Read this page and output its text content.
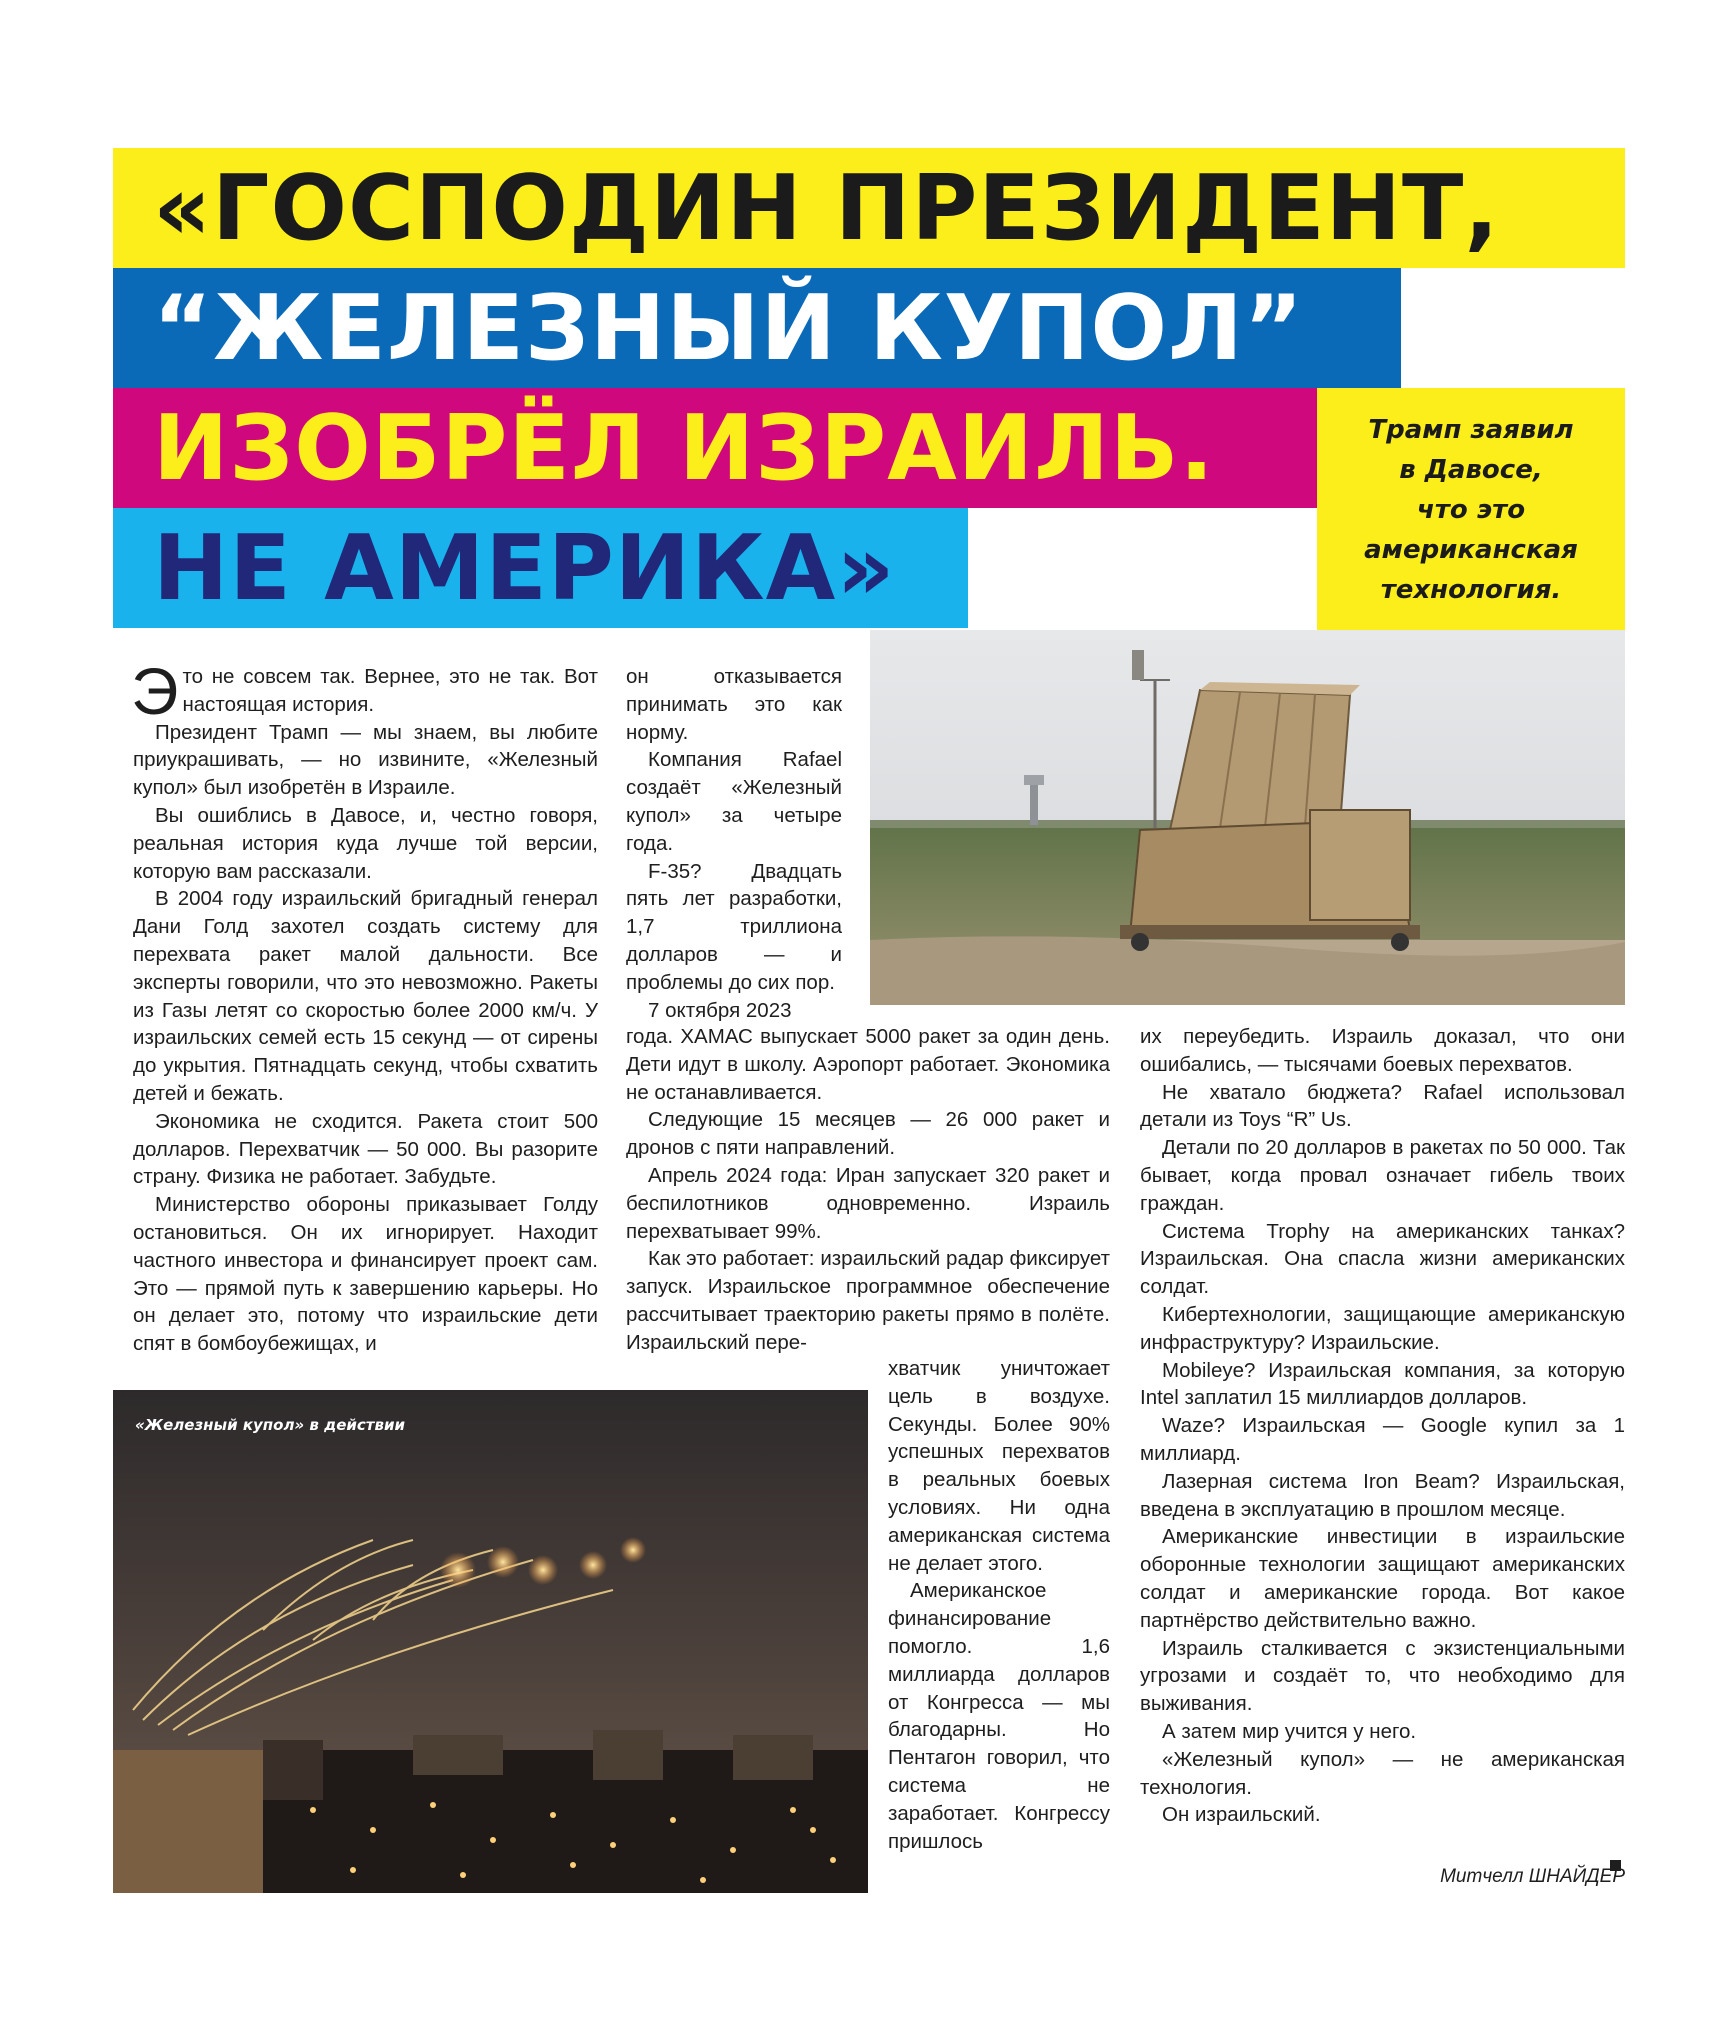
«ГОСПОДИН ПРЕЗИДЕНТ,
“ЖЕЛЕЗНЫЙ КУПОЛ”
ИЗОБРЁЛ ИЗРАИЛЬ.
НЕ АМЕРИКА»

Трамп заявил
в Давосе,
что это
американская
технология.

«Железный купол» в действии

Это не совсем так. Вернее, это не так. Вот настоящая история.

Президент Трамп — мы знаем, вы любите приукрашивать, — но извините, «Железный купол» был изобретён в Израиле.

Вы ошиблись в Давосе, и, честно говоря, реальная история куда лучше той версии, которую вам рассказали.

В 2004 году израильский бригадный генерал Дани Голд захотел создать систему для перехвата ракет малой дальности. Все эксперты говорили, что это невозможно. Ракеты из Газы летят со скоростью более 2000 км/ч. У израильских семей есть 15 секунд — от сирены до укрытия. Пятнадцать секунд, чтобы схватить детей и бежать.

Экономика не сходится. Ракета стоит 500 долларов. Перехватчик — 50 000. Вы разорите страну. Физика не работает. Забудьте.

Министерство обороны приказывает Голду остановиться. Он их игнорирует. Находит частного инвестора и финансирует проект сам. Это — прямой путь к завершению карьеры. Но он делает это, потому что израильские дети спят в бомбоубежищах, и

он отказывается принимать это как норму.

Компания Rafael создаёт «Железный купол» за четыре года.

F-35? Двадцать пять лет разработки, 1,7 триллиона долларов — и проблемы до сих пор.

7 октября 2023

года. ХАМАС выпускает 5000 ракет за один день. Дети идут в школу. Аэропорт работает. Экономика не останавливается.

Следующие 15 месяцев — 26 000 ракет и дронов с пяти направлений.

Апрель 2024 года: Иран запускает 320 ракет и беспилотников одновременно. Израиль перехватывает 99%.

Как это работает: израильский радар фиксирует запуск. Израильское программное обеспечение рассчитывает траекторию ракеты прямо в полёте. Израильский пере-

хватчик уничтожает цель в воздухе. Секунды. Более 90% успешных перехватов в реальных боевых условиях. Ни одна американская система не делает этого.

Американское финансирование помогло. 1,6 миллиарда долларов от Конгресса — мы благодарны. Но Пентагон говорил, что система не заработает. Конгрессу пришлось

их переубедить. Израиль доказал, что они ошибались, — тысячами боевых перехватов.

Не хватало бюджета? Rafael использовал детали из Toys “R” Us.

Детали по 20 долларов в ракетах по 50 000. Так бывает, когда провал означает гибель твоих граждан.

Система Trophy на американских танках? Израильская. Она спасла жизни американских солдат.

Кибертехнологии, защищающие американскую инфраструктуру? Израильские.

Mobileye? Израильская компания, за которую Intel заплатил 15 миллиардов долларов.

Waze? Израильская — Google купил за 1 миллиард.

Лазерная система Iron Beam? Израильская, введена в эксплуатацию в прошлом месяце.

Американские инвестиции в израильские оборонные технологии защищают американских солдат и американские города. Вот какое партнёрство действительно важно.

Израиль сталкивается с экзистенциальными угрозами и создаёт то, что необходимо для выживания.

А затем мир учится у него.

«Железный купол» — не американская технология.

Он израильский.

Митчелл ШНАЙДЕР
